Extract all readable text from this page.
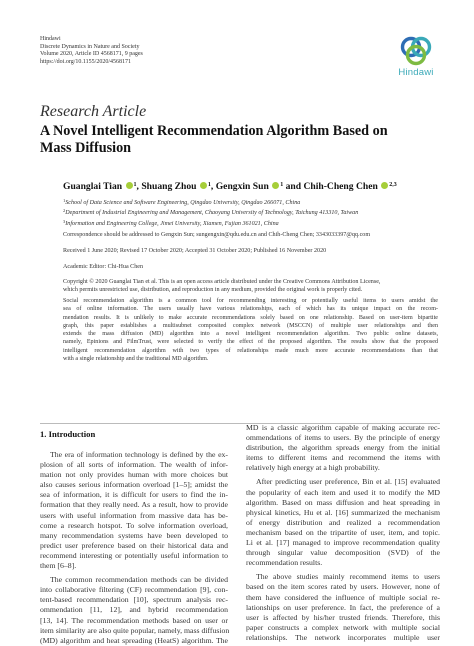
Hindawi
Discrete Dynamics in Nature and Society
Volume 2020, Article ID 4568171, 9 pages
https://doi.org/10.1155/2020/4568171
Hindawi
Research Article
A Novel Intelligent Recommendation Algorithm Based on
Mass Diffusion
Guanglai Tian $^1$, Shuang Zhou $^1$, Gengxin Sun $^1$ and Chih-Cheng Chen $^{2,3}$
$^1$School of Data Science and Software Engineering, Qingdao University, Qingdao 266071, China
$^2$Department of Industrial Engineering and Management, Chaoyang University of Technology, Taichung 413310, Taiwan
$^3$Information and Engineering College, Jimei University, Xiamen, Fujian 361021, China
Correspondence should be addressed to Gengxin Sun; sungengxin@qdu.edu.cn and Chih-Cheng Chen; 3343033397@qq.com
Received 1 June 2020; Revised 17 October 2020; Accepted 31 October 2020; Published 16 November 2020
Academic Editor: Chi-Hua Chen
Copyright © 2020 Guanglai Tian et al. This is an open access article distributed under the Creative Commons Attribution License,
which permits unrestricted use, distribution, and reproduction in any medium, provided the original work is properly cited.
Social recommendation algorithm is a common tool for recommending interesting or potentially useful items to users amidst the
sea of online information. The users usually have various relationships, each of which has its unique impact on the recom-
mendation results. It is unlikely to make accurate recommendations solely based on one relationship. Based on user-item bipartite
graph, this paper establishes a multisubnet composited complex network (MSCCN) of multiple user relationships and then
extends the mass diffusion (MD) algorithm into a novel intelligent recommendation algorithm. Two public online datasets,
namely, Epinions and FilmTrust, were selected to verify the effect of the proposed algorithm. The results show that the proposed
intelligent recommendation algorithm with two types of relationships made much more accurate recommendations than that
with a single relationship and the traditional MD algorithm.
1. Introduction
The era of information technology is defined by the ex-
plosion of all sorts of information. The wealth of infor-
mation not only provides human with more choices but
also causes serious information overload [1–5]; amidst the
sea of information, it is difficult for users to find the in-
formation that they really need. As a result, how to provide
users with useful information from massive data has be-
come a research hotspot. To solve information overload,
many recommendation systems have been developed to
predict user preference based on their historical data and
recommend interesting or potentially useful information to
them [6–8].
The common recommendation methods can be divided
into collaborative filtering (CF) recommendation [9], con-
tent-based recommendation [10], spectrum analysis rec-
ommendation [11, 12], and hybrid recommendation
[13, 14]. The recommendation methods based on user or
item similarity are also quite popular, namely, mass diffusion
(MD) algorithm and heat spreading (HeatS) algorithm. The
MD is a classic algorithm capable of making accurate rec-
ommendations of items to users. By the principle of energy
distribution, the algorithm spreads energy from the initial
items to different items and recommend the items with
relatively high energy at a high probability.
After predicting user preference, Bin et al. [15] evaluated
the popularity of each item and used it to modify the MD
algorithm. Based on mass diffusion and heat spreading in
physical kinetics, Hu et al. [16] summarized the mechanism
of energy distribution and realized a recommendation
mechanism based on the tripartite of user, item, and topic.
Li et al. [17] managed to improve recommendation quality
through singular value decomposition (SVD) of the
recommendation results.
The above studies mainly recommend items to users
based on the item scores rated by users. However, none of
them have considered the influence of multiple social re-
lationships on user preference. In fact, the preference of a
user is affected by his/her trusted friends. Therefore, this
paper constructs a complex network with multiple social
relationships. The network incorporates multiple user
